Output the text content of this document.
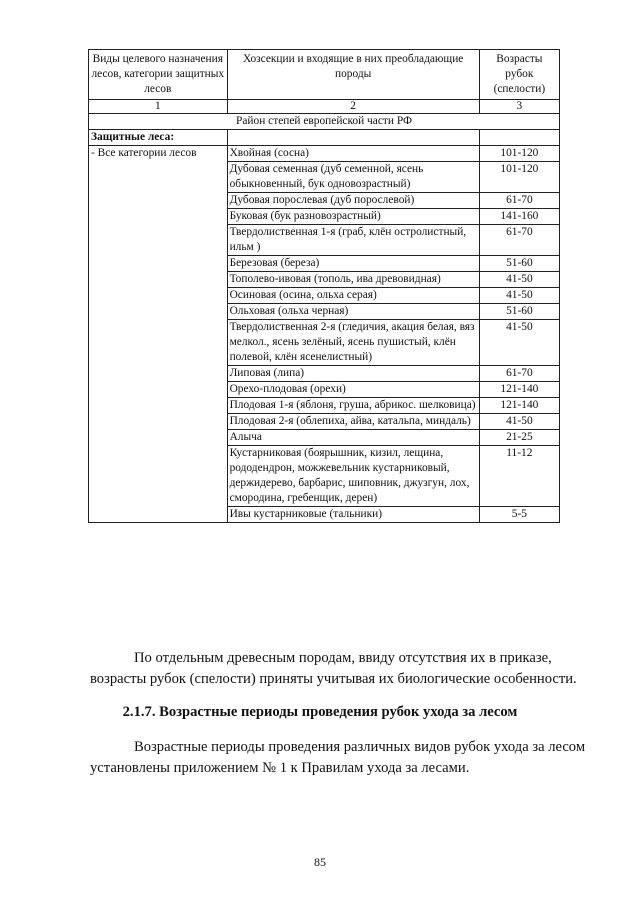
Виды целевого назначения лесов, категории защитных лесов	Хозсекции и входящие в них преобладающие породы	Возрасты рубок (спелости)
1	2	3
Район степей европейской части РФ		
Защитные леса:		
- Все категории лесов	Хвойная (сосна)	101-120
	Дубовая семенная (дуб семенной, ясень обыкновенный, бук одновозрастный)	101-120
	Дубовая порослевая (дуб порослевой)	61-70
	Буковая (бук разновозрастный)	141-160
	Твердолиственная 1-я (граб, клён остролистный, ильм )	61-70
	Березовая (береза)	51-60
	Тополево-ивовая (тополь, ива древовидная)	41-50
	Осиновая (осина, ольха серая)	41-50
	Ольховая (ольха черная)	51-60
	Твердолиственная 2-я (гледичия, акация белая, вяз мелкол., ясень зелёный, ясень пушистый, клён полевой, клён ясенелистный)	41-50
	Липовая (липа)	61-70
	Орехо-плодовая (орехи)	121-140
	Плодовая 1-я (яблоня, груша, абрикос. шелковица)	121-140
	Плодовая 2-я (облепиха, айва, катальпа, миндаль)	41-50
	Алыча	21-25
	Кустарниковая (боярышник, кизил, лещина, рододендрон, можжевельник кустарниковый, держидерево, барбарис, шиповник, джузгун, лох, смородина, гребенщик, дерен)	11-12
	Ивы кустарниковые (тальники)	5-5
По отдельным древесным породам, ввиду отсутствия их в приказе,
возрасты рубок (спелости) приняты учитывая их биологические особенности.
2.1.7. Возрастные периоды проведения рубок ухода за лесом
Возрастные периоды проведения различных видов рубок ухода за лесом
установлены приложением № 1 к Правилам ухода за лесами.
85
